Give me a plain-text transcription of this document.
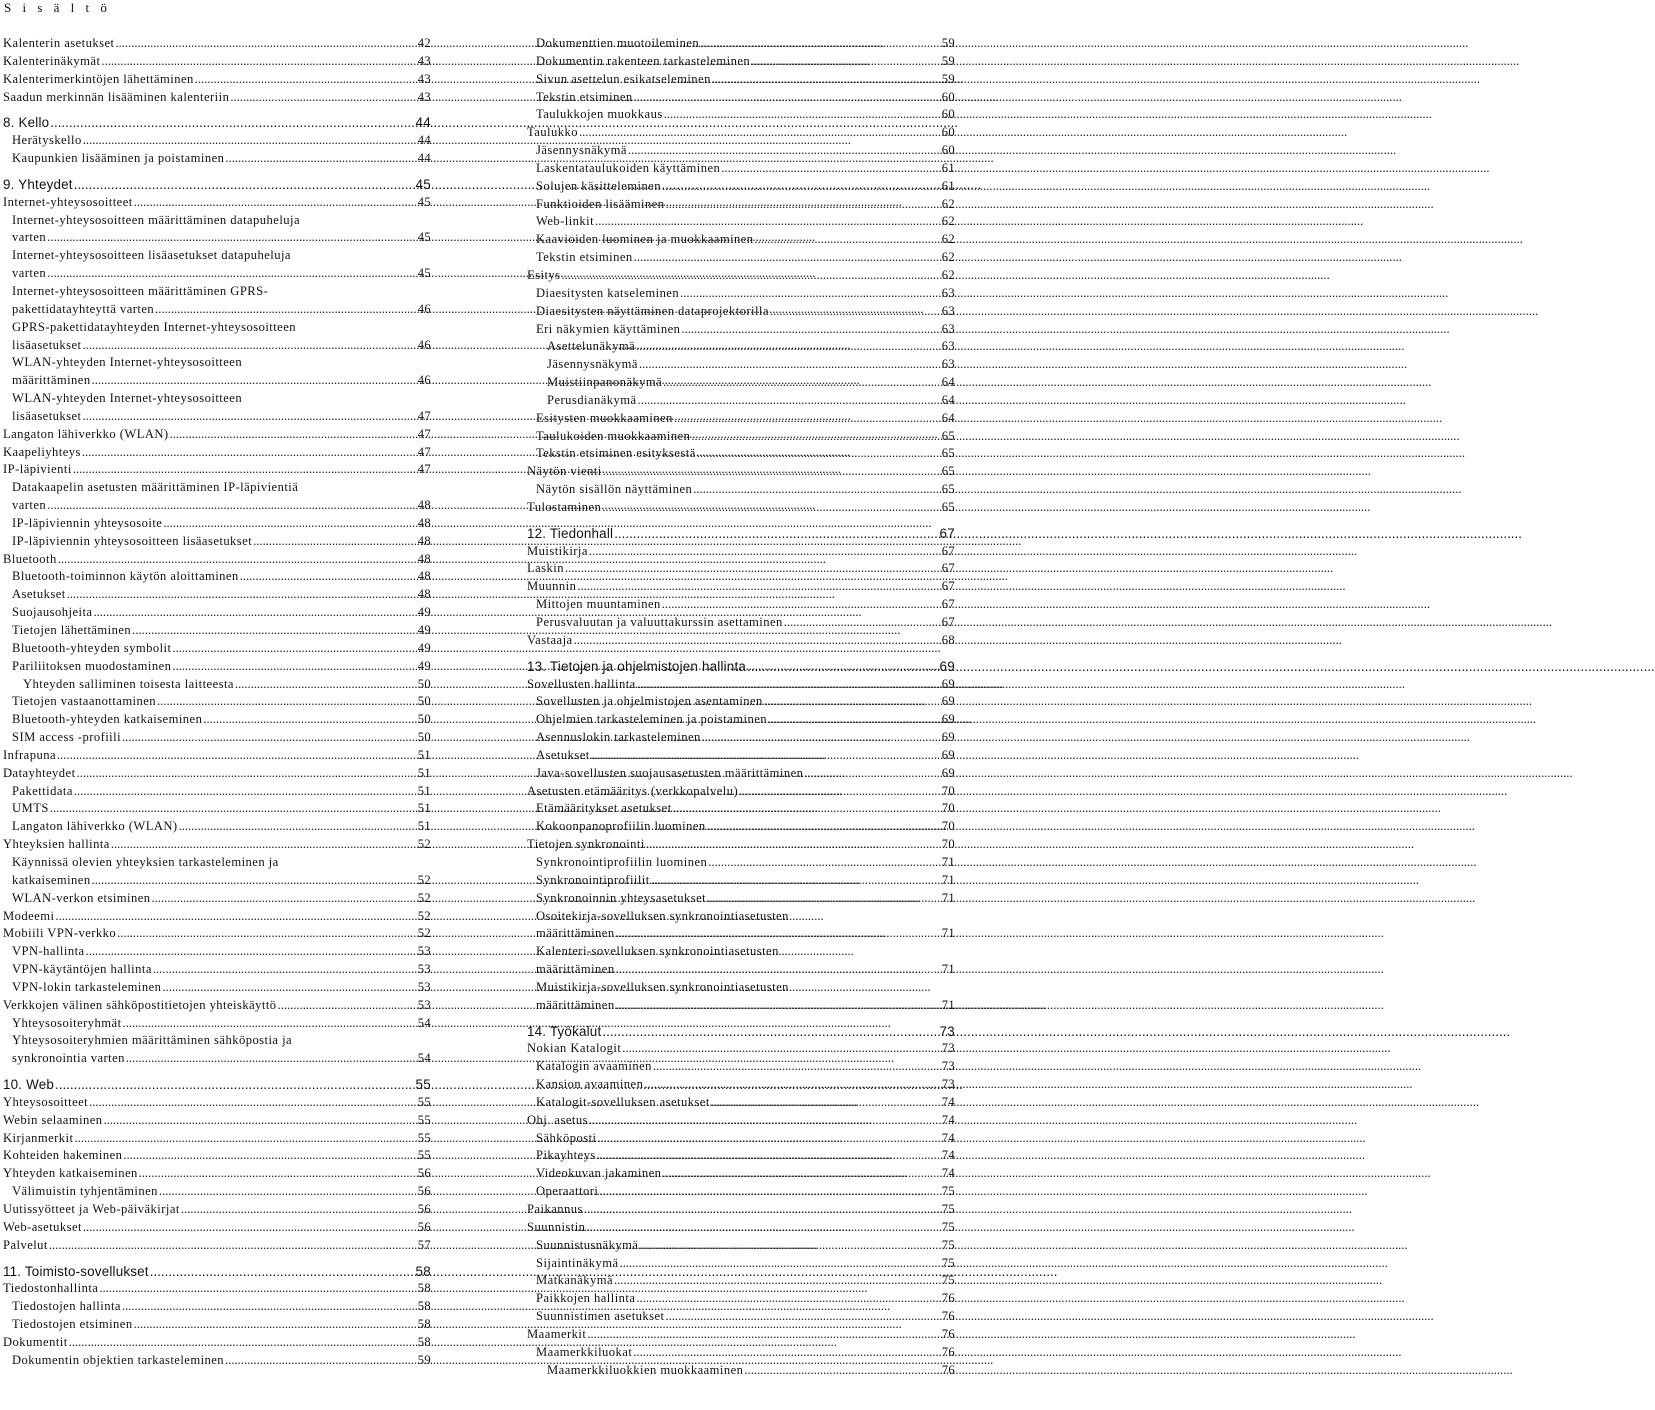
S i s ä l t ö
Kalenterin asetukset .....	42
Kalenterinäkymät .....	43
Kalenterimerkintöjen lähettäminen .....	43
Saadun merkinnän lisääminen kalenteriin .....	43
8. Kello .....	44
Herätyskello .....	44
Kaupunkien lisääminen ja poistaminen .....	44
9. Yhteydet .....	45
Internet-yhteysosoitteet .....	45
Internet-yhteysosoitteen määrittäminen datapuheluja
varten .....	45
Internet-yhteysosoitteen lisäasetukset datapuheluja
varten .....	45
Internet-yhteysosoitteen määrittäminen GPRS-
pakettidatayhteyttä varten .....	46
GPRS-pakettidatayhteyden Internet-yhteysosoitteen
lisäasetukset .....	46
WLAN-yhteyden Internet-yhteysosoitteen
määrittäminen .....	46
WLAN-yhteyden Internet-yhteysosoitteen
lisäasetukset .....	47
Langaton lähiverkko (WLAN) .....	47
Kaapeliyhteys .....	47
IP-läpivienti .....	47
Datakaapelin asetusten määrittäminen IP-läpivientiä
varten .....	48
IP-läpiviennin yhteysosoite .....	48
IP-läpiviennin yhteysosoitteen lisäasetukset .....	48
Bluetooth .....	48
Bluetooth-toiminnon käytön aloittaminen .....	48
Asetukset .....	48
Suojausohjeita .....	49
Tietojen lähettäminen .....	49
Bluetooth-yhteyden symbolit .....	49
Pariliitoksen muodostaminen .....	49
Yhteyden salliminen toisesta laitteesta .....	50
Tietojen vastaanottaminen .....	50
Bluetooth-yhteyden katkaiseminen .....	50
SIM access -profiili .....	50
Infrapuna .....	51
Datayhteydet .....	51
Pakettidata .....	51
UMTS .....	51
Langaton lähiverkko (WLAN) .....	51
Yhteyksien hallinta .....	52
Käynnissä olevien yhteyksien tarkasteleminen ja
katkaiseminen .....	52
WLAN-verkon etsiminen .....	52
Modeemi .....	52
Mobiili VPN-verkko .....	52
VPN-hallinta .....	53
VPN-käytäntöjen hallinta .....	53
VPN-lokin tarkasteleminen .....	53
Verkkojen välinen sähköpostitietojen yhteiskäyttö .....	53
Yhteysosoiteryhmät .....	54
Yhteysosoiteryhmien määrittäminen sähköpostia ja
synkronointia varten .....	54
10. Web .....	55
Yhteysosoitteet .....	55
Webin selaaminen .....	55
Kirjanmerkit .....	55
Kohteiden hakeminen .....	55
Yhteyden katkaiseminen .....	56
Välimuistin tyhjentäminen .....	56
Uutissyötteet ja Web-päiväkirjat .....	56
Web-asetukset .....	56
Palvelut .....	57
11. Toimisto-sovellukset .....	58
Tiedostonhallinta .....	58
Tiedostojen hallinta .....	58
Tiedostojen etsiminen .....	58
Dokumentit .....	58
Dokumentin objektien tarkasteleminen .....	59
Dokumenttien muotoileminen .....	59
Dokumentin rakenteen tarkasteleminen .....	59
Sivun asettelun esikatseleminen .....	59
Tekstin etsiminen .....	60
Taulukkojen muokkaus .....	60
Taulukko .....	60
Jäsennysnäkymä .....	60
Laskentataulukoiden käyttäminen .....	61
Solujen käsitteleminen .....	61
Funktioiden lisääminen .....	62
Web-linkit .....	62
Kaavioiden luominen ja muokkaaminen .....	62
Tekstin etsiminen .....	62
Esitys .....	62
Diaesitysten katseleminen .....	63
Diaesitysten näyttäminen dataprojektorilla .....	63
Eri näkymien käyttäminen .....	63
Asettelunäkymä .....	63
Jäsennysnäkymä .....	63
Muistiinpanonäkymä .....	64
Perusdianäkymä .....	64
Esitysten muokkaaminen .....	64
Taulukoiden muokkaaminen .....	65
Tekstin etsiminen esityksestä .....	65
Näytön vienti .....	65
Näytön sisällön näyttäminen .....	65
Tulostaminen .....	65
12. Tiedonhall .....	67
Muistikirja .....	67
Laskin .....	67
Muunnin .....	67
Mittojen muuntaminen .....	67
Perusvaluutan ja valuuttakurssin asettaminen .....	67
Vastaaja .....	68
13. Tietojen ja ohjelmistojen hallinta .....	69
Sovellusten hallinta .....	69
Sovellusten ja ohjelmistojen asentaminen .....	69
Ohjelmien tarkasteleminen ja poistaminen .....	69
Asennuslokin tarkasteleminen .....	69
Asetukset .....	69
Java-sovellusten suojausasetusten määrittäminen .....	69
Asetusten etämääritys (verkkopalvelu) .....	70
Etämääritykset asetukset .....	70
Kokoonpanoprofiilin luominen .....	70
Tietojen synkronointi .....	70
Synkronointiprofiilin luominen .....	71
Synkronointiprofiilit .....	71
Synkronoinnin yhteysasetukset .....	71
Osoitekirja-sovelluksen synkronointiasetusten
määrittäminen .....	71
Kalenteri-sovelluksen synkronointiasetusten
määrittäminen .....	71
Muistikirja-sovelluksen synkronointiasetusten
määrittäminen .....	71
14. Työkalut .....	73
Nokian Katalogit .....	73
Katalogin avaaminen .....	73
Kansion avaaminen .....	73
Katalogit-sovelluksen asetukset .....	74
Ohj. asetus .....	74
Sähköposti .....	74
Pikayhteys .....	74
Videokuvan jakaminen .....	74
Operaattori .....	75
Paikannus .....	75
Suunnistin .....	75
Suunnistusnäkymä .....	75
Sijaintinäkymä .....	75
Matkanäkymä .....	75
Paikkojen hallinta .....	76
Suunnistimen asetukset .....	76
Maamerkit .....	76
Maamerkkiluokat .....	76
Maamerkkiluokkien muokkaaminen .....	76
